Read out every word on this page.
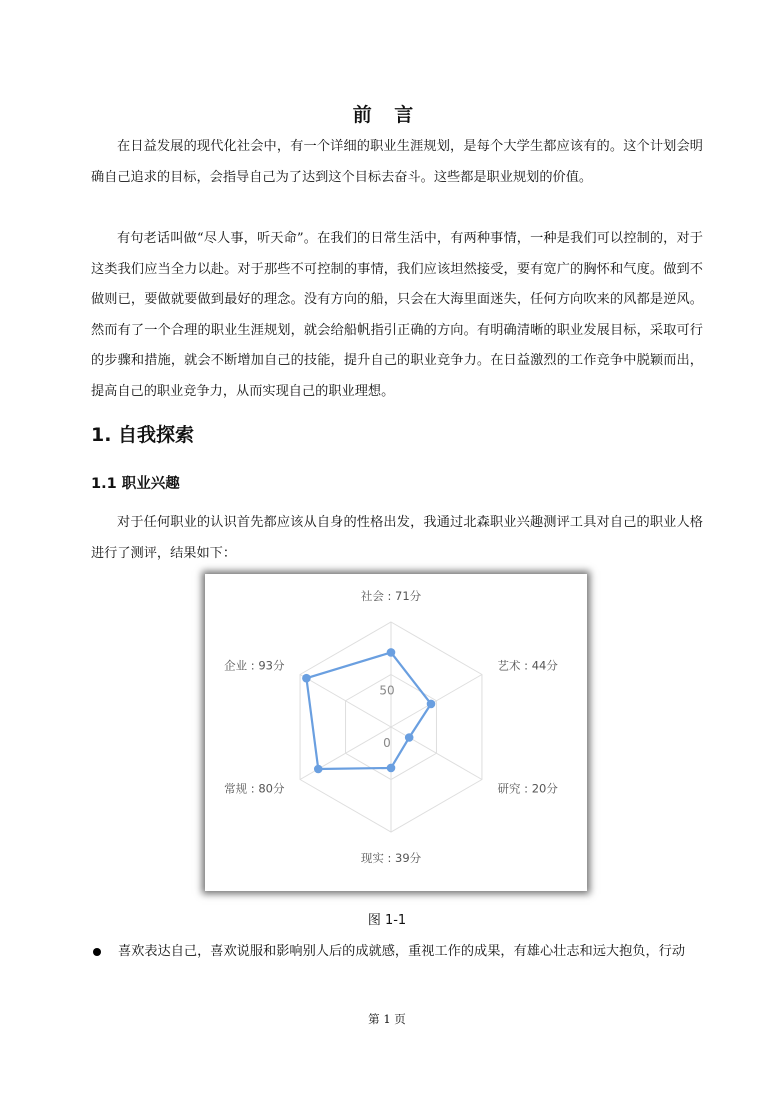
前 言
在日益发展的现代化社会中，有一个详细的职业生涯规划，是每个大学生都应该有的。这个计划会明确自己追求的目标，会指导自己为了达到这个目标去奋斗。这些都是职业规划的价值。
有句老话叫做“尽人事，听天命”。在我们的日常生活中，有两种事情，一种是我们可以控制的，对于这类我们应当全力以赴。对于那些不可控制的事情，我们应该坦然接受，要有宽广的胸怀和气度。做到不做则已，要做就要做到最好的理念。没有方向的船，只会在大海里面迷失，任何方向吹来的风都是逆风。然而有了一个合理的职业生涯规划，就会给船帆指引正确的方向。有明确清晰的职业发展目标，采取可行的步骤和措施，就会不断增加自己的技能，提升自己的职业竞争力。在日益激烈的工作竞争中脱颖而出，提高自己的职业竞争力，从而实现自己的职业理想。
1. 自我探索
1.1 职业兴趣
对于任何职业的认识首先都应该从自身的性格出发，我通过北森职业兴趣测评工具对自己的职业人格进行了测评，结果如下：
0
50
社会 : 71分
艺术 : 44分
研究 : 20分
现实 : 39分
常规 : 80分
企业 : 93分
图 1-1
喜欢表达自己，喜欢说服和影响别人后的成就感，重视工作的成果，有雄心壮志和远大抱负，行动
第 1 页
